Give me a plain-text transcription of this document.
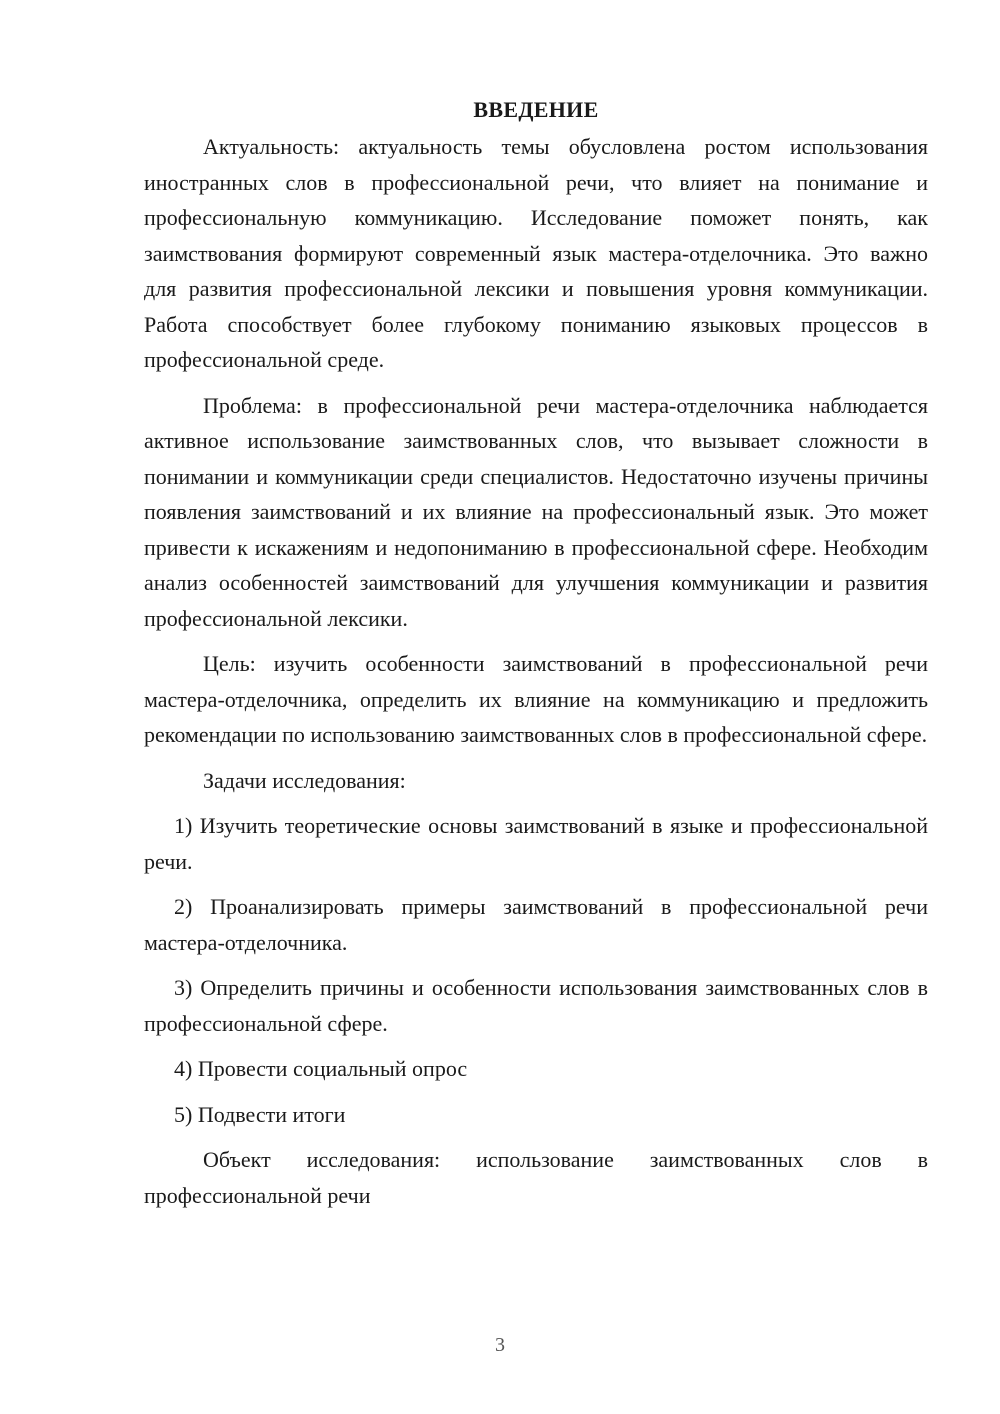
ВВЕДЕНИЕ

Актуальность: актуальность темы обусловлена ростом использования иностранных слов в профессиональной речи, что влияет на понимание и профессиональную коммуникацию. Исследование поможет понять, как заимствования формируют современный язык мастера-отделочника. Это важно для развития профессиональной лексики и повышения уровня коммуникации. Работа способствует более глубокому пониманию языковых процессов в профессиональной среде.

Проблема: в профессиональной речи мастера-отделочника наблюдается активное использование заимствованных слов, что вызывает сложности в понимании и коммуникации среди специалистов. Недостаточно изучены причины появления заимствований и их влияние на профессиональный язык. Это может привести к искажениям и недопониманию в профессиональной сфере. Необходим анализ особенностей заимствований для улучшения коммуникации и развития профессиональной лексики.

Цель: изучить особенности заимствований в профессиональной речи мастера-отделочника, определить их влияние на коммуникацию и предложить рекомендации по использованию заимствованных слов в профессиональной сфере.

Задачи исследования:

1) Изучить теоретические основы заимствований в языке и профессиональной речи.

2) Проанализировать примеры заимствований в профессиональной речи мастера-отделочника.

3) Определить причины и особенности использования заимствованных слов в профессиональной сфере.

4) Провести социальный опрос

5) Подвести итоги

Объект исследования: использование заимствованных слов в профессиональной речи

3
